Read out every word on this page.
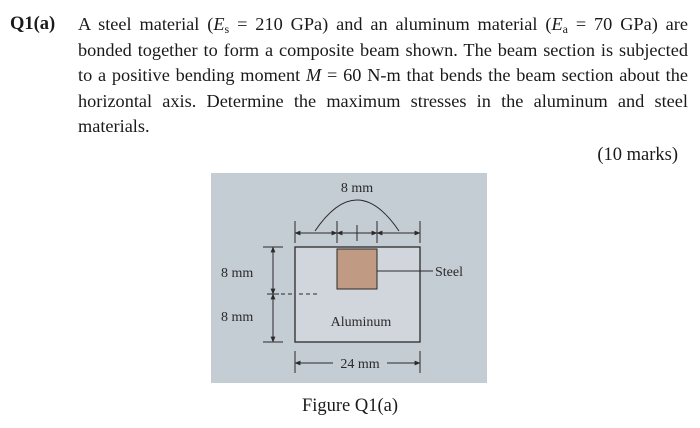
Q1(a) A steel material ($E_s = 210$ GPa) and an aluminum material ($E_a = 70$ GPa) are bonded together to form a composite beam shown. The beam section is subjected to a positive bending moment M = 60 N-m that bends the beam section about the horizontal axis. Determine the maximum stresses in the aluminum and steel materials.
(10 marks)
Steel
8 mm
8 mm
8 mm	Aluminum
24 mm
Figure Q1(a)
